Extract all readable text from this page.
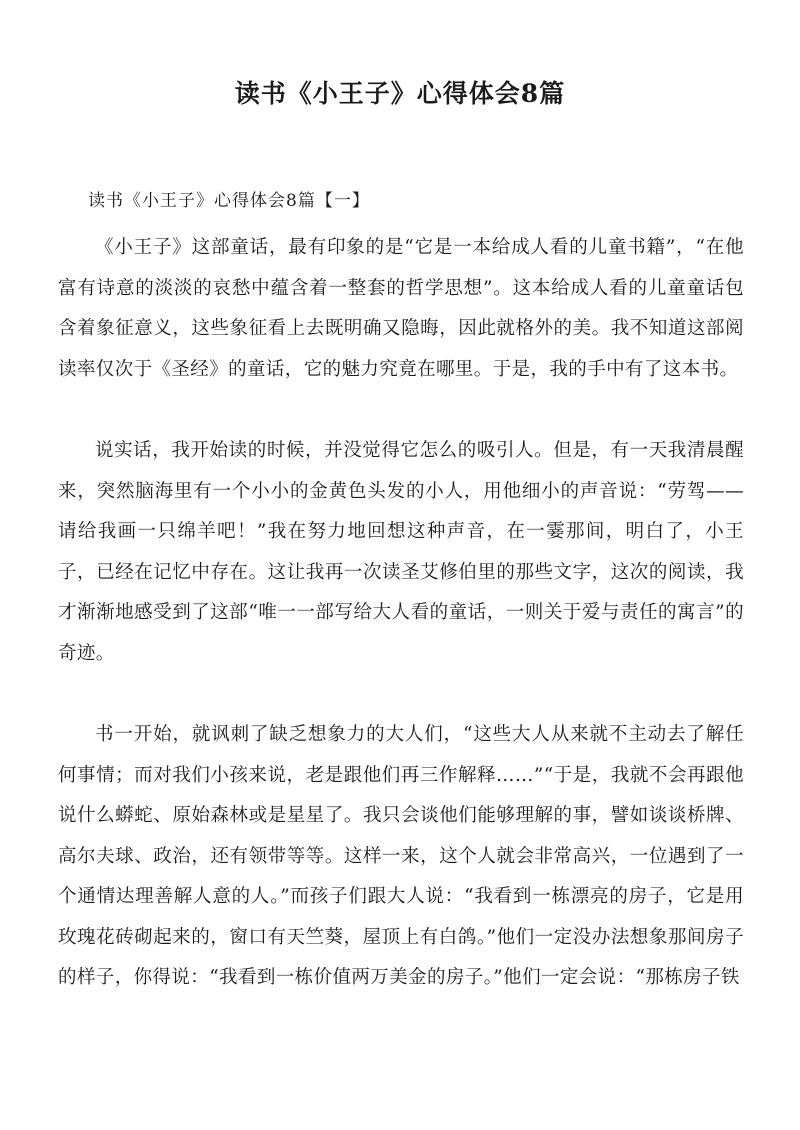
读书《小王子》心得体会8篇
读书《小王子》心得体会8篇【一】

《小王子》这部童话，最有印象的是“它是一本给成人看的儿童书籍”，“在他富有诗意的淡淡的哀愁中蕴含着一整套的哲学思想”。这本给成人看的儿童童话包含着象征意义，这些象征看上去既明确又隐晦，因此就格外的美。我不知道这部阅读率仅次于《圣经》的童话，它的魅力究竟在哪里。于是，我的手中有了这本书。

说实话，我开始读的时候，并没觉得它怎么的吸引人。但是，有一天我清晨醒来，突然脑海里有一个小小的金黄色头发的小人，用他细小的声音说：“劳驾——请给我画一只绵羊吧！”我在努力地回想这种声音，在一霎那间，明白了，小王子，已经在记忆中存在。这让我再一次读圣艾修伯里的那些文字，这次的阅读，我才渐渐地感受到了这部“唯一一部写给大人看的童话，一则关于爱与责任的寓言”的奇迹。

书一开始，就讽刺了缺乏想象力的大人们，“这些大人从来就不主动去了解任何事情；而对我们小孩来说，老是跟他们再三作解释……”“于是，我就不会再跟他说什么蟒蛇、原始森林或是星星了。我只会谈他们能够理解的事，譬如谈谈桥牌、高尔夫球、政治，还有领带等等。这样一来，这个人就会非常高兴，一位遇到了一个通情达理善解人意的人。”而孩子们跟大人说：“我看到一栋漂亮的房子，它是用玫瑰花砖砌起来的，窗口有天竺葵，屋顶上有白鸽。”他们一定没办法想象那间房子的样子，你得说：“我看到一栋价值两万美金的房子。”他们一定会说：“那栋房子铁
